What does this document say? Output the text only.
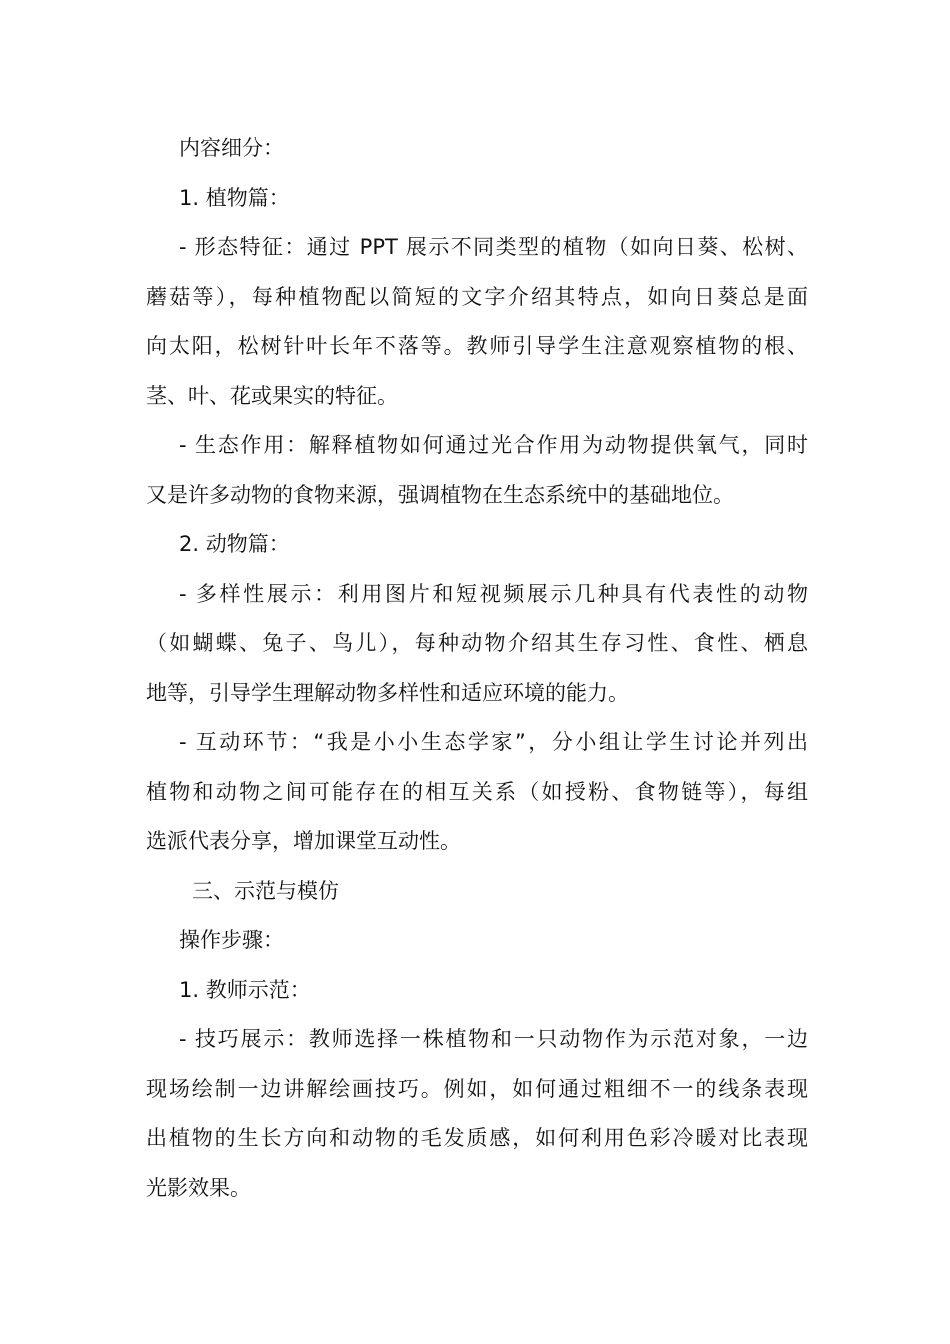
内容细分：
1. 植物篇：
- 形态特征：通过 PPT 展示不同类型的植物（如向日葵、松树、
蘑菇等），每种植物配以简短的文字介绍其特点，如向日葵总是面
向太阳，松树针叶长年不落等。教师引导学生注意观察植物的根、
茎、叶、花或果实的特征。
- 生态作用：解释植物如何通过光合作用为动物提供氧气，同时
又是许多动物的食物来源，强调植物在生态系统中的基础地位。
2. 动物篇：
- 多样性展示：利用图片和短视频展示几种具有代表性的动物
（如蝴蝶、兔子、鸟儿），每种动物介绍其生存习性、食性、栖息
地等，引导学生理解动物多样性和适应环境的能力。
- 互动环节：“我是小小生态学家”，分小组让学生讨论并列出
植物和动物之间可能存在的相互关系（如授粉、食物链等），每组
选派代表分享，增加课堂互动性。
三、示范与模仿
操作步骤：
1. 教师示范：
- 技巧展示：教师选择一株植物和一只动物作为示范对象，一边
现场绘制一边讲解绘画技巧。例如，如何通过粗细不一的线条表现
出植物的生长方向和动物的毛发质感，如何利用色彩冷暖对比表现
光影效果。
